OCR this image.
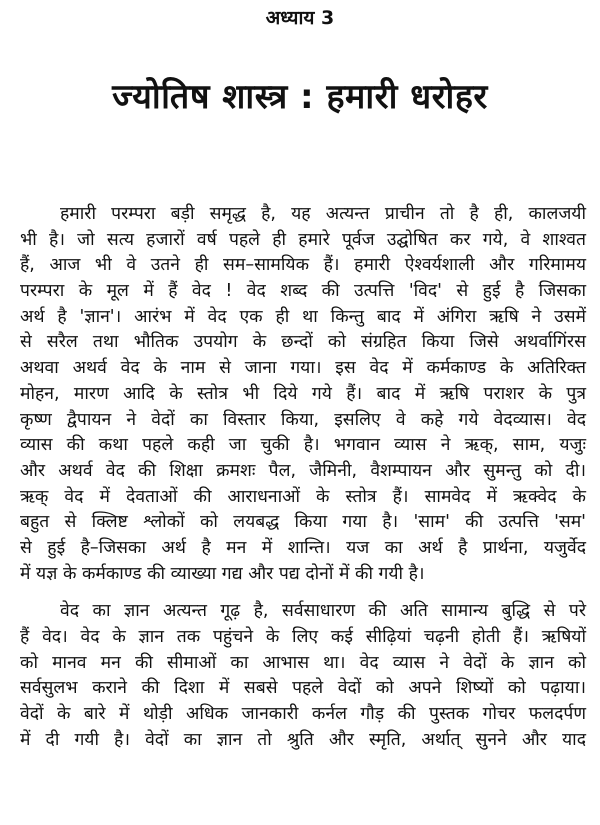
अध्याय 3
ज्योतिष शास्त्र : हमारी धरोहर
हमारी परम्परा बड़ी समृद्ध है, यह अत्यन्त प्राचीन तो है ही, कालजयी
भी है। जो सत्य हजारों वर्ष पहले ही हमारे पूर्वज उद्घोषित कर गये, वे शाश्वत
हैं, आज भी वे उतने ही सम–सामयिक हैं। हमारी ऐश्वर्यशाली और गरिमामय
परम्परा के मूल में हैं वेद ! वेद शब्द की उत्पत्ति 'विद' से हुई है जिसका
अर्थ है 'ज्ञान'। आरंभ में वेद एक ही था किन्तु बाद में अंगिरा ऋषि ने उसमें
से सरैल तथा भौतिक उपयोग के छन्दों को संग्रहित किया जिसे अथर्वागिंरस
अथवा अथर्व वेद के नाम से जाना गया। इस वेद में कर्मकाण्ड के अतिरिक्त
मोहन, मारण आदि के स्तोत्र भी दिये गये हैं। बाद में ऋषि पराशर के पुत्र
कृष्ण द्वैपायन ने वेदों का विस्तार किया, इसलिए वे कहे गये वेदव्यास। वेद
व्यास की कथा पहले कही जा चुकी है। भगवान व्यास ने ऋक्, साम, यजुः
और अथर्व वेद की शिक्षा क्रमशः पैल, जैमिनी, वैशम्पायन और सुमन्तु को दी।
ऋक् वेद में देवताओं की आराधनाओं के स्तोत्र हैं। सामवेद में ऋक्वेद के
बहुत से क्लिष्ट श्लोकों को लयबद्ध किया गया है। 'साम' की उत्पत्ति 'सम'
से हुई है–जिसका अर्थ है मन में शान्ति। यज का अर्थ है प्रार्थना, यजुर्वेद
में यज्ञ के कर्मकाण्ड की व्याख्या गद्य और पद्य दोनों में की गयी है।
वेद का ज्ञान अत्यन्त गूढ़ है, सर्वसाधारण की अति सामान्य बुद्धि से परे
हैं वेद। वेद के ज्ञान तक पहुंचने के लिए कई सीढ़ियां चढ़नी होती हैं। ऋषियों
को मानव मन की सीमाओं का आभास था। वेद व्यास ने वेदों के ज्ञान को
सर्वसुलभ कराने की दिशा में सबसे पहले वेदों को अपने शिष्यों को पढ़ाया।
वेदों के बारे में थोड़ी अधिक जानकारी कर्नल गौड़ की पुस्तक गोचर फलदर्पण
में दी गयी है। वेदों का ज्ञान तो श्रुति और स्मृति, अर्थात् सुनने और याद
